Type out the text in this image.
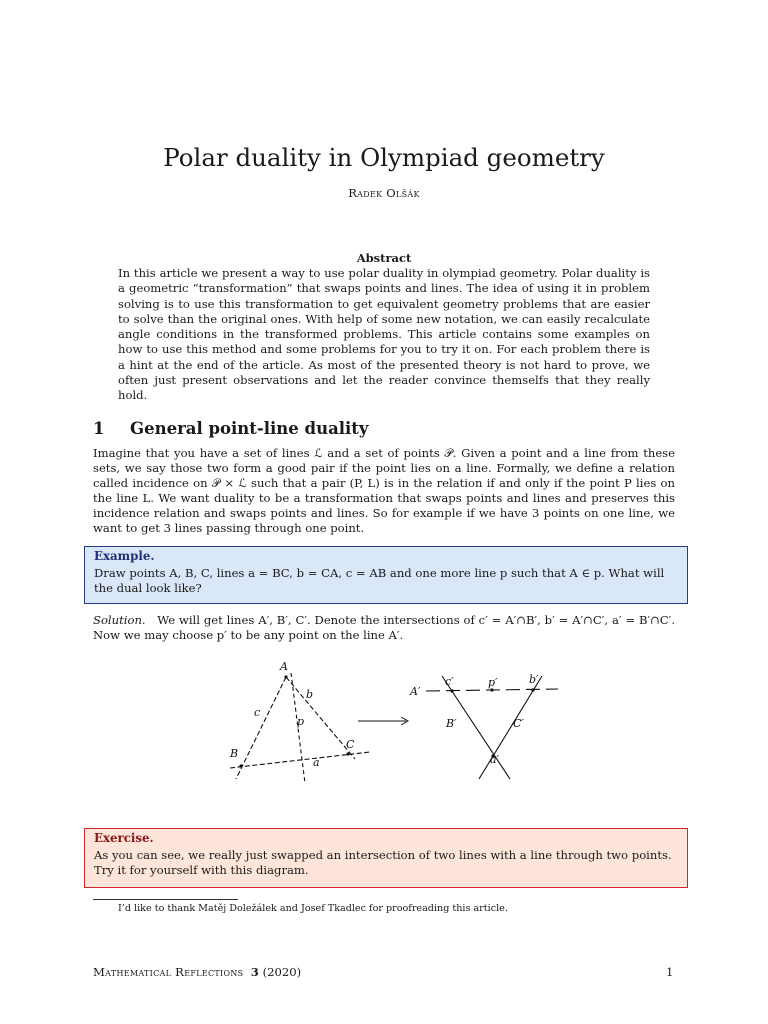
Polar duality in Olympiad geometry
Radek Olšák
Abstract

In this article we present a way to use polar duality in olympiad geometry. Polar duality is a geometric “transformation” that swaps points and lines. The idea of using it in problem solving is to use this transformation to get equivalent geometry problems that are easier to solve than the original ones. With help of some new notation, we can easily recalculate angle conditions in the transformed problems. This article contains some examples on how to use this method and some problems for you to try it on. For each problem there is a hint at the end of the article. As most of the presented theory is not hard to prove, we often just present observations and let the reader convince themselfs that they really hold.

1 General point-line duality

Imagine that you have a set of lines ℒ and a set of points 𝒫. Given a point and a line from these sets, we say those two form a good pair if the point lies on a line. Formally, we define a relation called incidence on 𝒫 × ℒ such that a pair (P, L) is in the relation if and only if the point P lies on the line L. We want duality to be a transformation that swaps points and lines and preserves this incidence relation and swaps points and lines. So for example if we have 3 points on one line, we want to get 3 lines passing through one point.

Example.

Draw points A, B, C, lines a = BC, b = CA, c = AB and one more line p such that A ∈ p. What will the dual look like?

Solution. We will get lines A′, B′, C′. Denote the intersections of c′ = A′∩B′, b′ = A′∩C′, a′ = B′∩C′. Now we may choose p′ to be any point on the line A′.

A
B
C
a
b
c
p
A′
B′	C′
a′
b′
c′	p′
Exercise.

As you can see, we really just swapped an intersection of two lines with a line through two points. Try it for yourself with this diagram.

I’d like to thank Matěj Doležálek and Josef Tkadlec for proofreading this article.
Mathematical Reflections 3 (2020)	1
